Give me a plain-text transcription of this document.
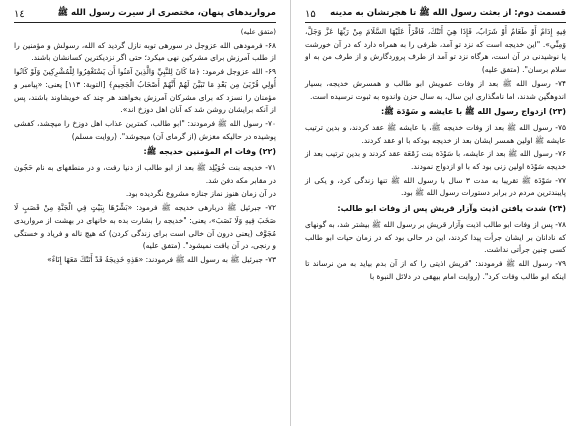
مرواریدهای پنهان، مختصری از سیرت رسول الله ﷺ
١٤

(متفق علیه)

۶۸- فرمودهی الله عزوجل در سورهی توبه نازل گردید که الله، رسولش و مؤمنین را از طلب آمرزش برای مشرکین نهی میکرد؛ حتی اگر نزدیکترین کسانشان باشند.

۶۹- الله عزوجل فرمود: ﴿مَا كَانَ لِلنَّبِيِّ وَالَّذِينَ آمَنُوا أَن يَسْتَغْفِرُوا لِلْمُشْرِكِينَ وَلَوْ كَانُوا أُولِي قُرْبَىٰ مِن بَعْدِ مَا تَبَيَّنَ لَهُمْ أَنَّهُمْ أَصْحَابُ الْجَحِيمِ﴾ [التوبة: ١١٣] یعنی: «پیامبر و مؤمنان را نسزد که برای مشرکان آمرزش بخواهند هر چند که خویشاوند باشند، پس از آنکه برایشان روشن شد که آنان اهل دوزخ اند».

۷۰- رسول الله ﷺ فرمودند: "ابو طالب، کمترین عذاب اهل دوزخ را میچشد، کفشی پوشیده در حالیکه مغزش (از گرمای آن) میجوشد". (روایت مسلم)

(۲۲) وفات ام المؤمنین خدیجه ﷺ:

۷۱- خدیجه بنت خُوَيْلِد ﷺ بعد از ابو طالب از دنیا رفت، و در منطقهای به نام حَجُون در مقابر مکه دفن شد.

در آن زمان هنوز نماز جنازه مشروع نگردیده بود.

۷۲- جبرئیل ﷺ دربارهی خدیجه ﷺ فرمود: «بَشِّرْهَا بِبَيْتٍ فِي الْجَنَّةِ مِنْ قَصَبٍ لَا صَخَبَ فِيهِ وَلَا نَصَبَ»، یعنی: "خدیجه را بشارت بده به خانهای در بهشت از مرواریدی مُجَوَّف (یعنی درون آن خالی است برای زندگی کردن) که هیچ ناله و فریاد و خستگی و رنجی، در آن یافت نمیشود". (متفق علیه)

۷۳- جبرئیل ﷺ به رسول الله ﷺ فرمودند: «هَذِهِ خَدِيجَةُ قَدْ أَتَتْكَ مَعَهَا إِنَاءٌ»

قسمت دوم: از بعثت رسول الله ﷺ تا هجرتشان به مدینه
١۵

فِيهِ إِدَامٌ أَوْ طَعَامٌ أَوْ شَرَابٌ، فَإِذَا هِيَ أَتَتْكَ، فَاقْرَأْ عَلَيْهَا السَّلَامَ مِنْ رَبِّهَا عَزَّ وَجَلَّ، وَمِنِّي». "این خدیجه است که نزد تو آمد، ظرفی را به همراه دارد که در آن خورشت یا نوشیدنی در آن است، هرگاه نزد تو آمد از طرف پروردگارش و از طرف من به او سلام برسان". (متفق علیه)

۷۴- رسول الله ﷺ بعد از وفات عمویش ابو طالب و همسرش خدیجه، بسیار اندوهگین شدند، اما نامگذاری این سال، به سال حزن واندوه به ثبوت نرسیده است.

(۲۳) ازدواج رسول الله ﷺ با عایشه و سَوْدَة ﷺ:

۷۵- رسول الله ﷺ بعد از وفات خدیجه ﷺ، با عایشه ﷺ عقد کردند، و بدین ترتیب عایشه ﷺ اولین همسر ایشان بعد از خدیجه بودکه با او عقد کردند.

۷۶- رسول الله ﷺ بعد از عایشه، با سَوْدَة بنت زَمْعَة عقد کردند و بدین ترتیب بعد از خدیجه سَوْدَة اولین زنی بود که با او ازدواج نمودند.

۷۷- سَوْدَة ﷺ تقریبا به مدت ۳ سال با رسول الله ﷺ تنها زندگی کرد، و یکی از پایبندترین مردم در برابر دستورات رسول الله ﷺ بود.

(۲۴) شدت یافتن اذیت وآزار قریش پس از وفات ابو طالب:

۷۸- پس از وفات ابو طالب اذیت وآزار قریش بر رسول الله ﷺ بیشتر شد، به گونهای که نادانان بر ایشان جرأت پیدا کردند، این در حالی بود که در زمان حیات ابو طالب کسی چنین جرأتی نداشت.

۷۹- رسول الله ﷺ فرمودند: "قریش اذیتی را که از آن بدم بیاید به من نرساند تا اینکه ابو طالب وفات کرد". (روایت امام بیهقی در دلائل النبوة با
